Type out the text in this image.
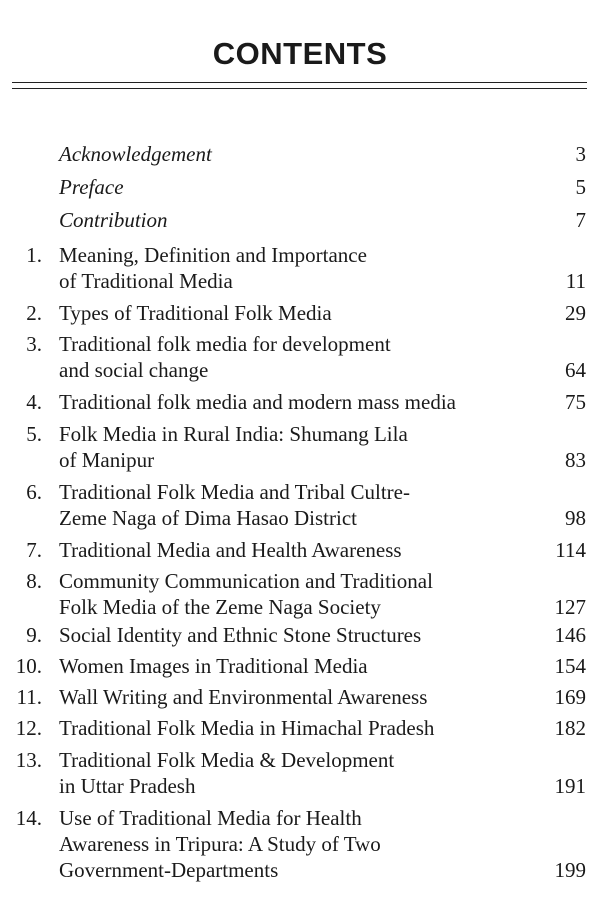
CONTENTS
Acknowledgement	3
Preface	5
Contribution	7
1. Meaning, Definition and Importance
of Traditional Media	11
2. Types of Traditional Folk Media	29
3. Traditional folk media for development
and social change	64
4. Traditional folk media and modern mass media	75
5. Folk Media in Rural India: Shumang Lila
of Manipur	83
6. Traditional Folk Media and Tribal Cultre-
Zeme Naga of Dima Hasao District	98
7. Traditional Media and Health Awareness	114
8. Community Communication and Traditional
Folk Media of the Zeme Naga Society	127
9. Social Identity and Ethnic Stone Structures	146
10. Women Images in Traditional Media	154
11. Wall Writing and Environmental Awareness	169
12. Traditional Folk Media in Himachal Pradesh	182
13. Traditional Folk Media & Development
in Uttar Pradesh	191
14. Use of Traditional Media for Health
Awareness in Tripura: A Study of Two
Government-Departments	199
